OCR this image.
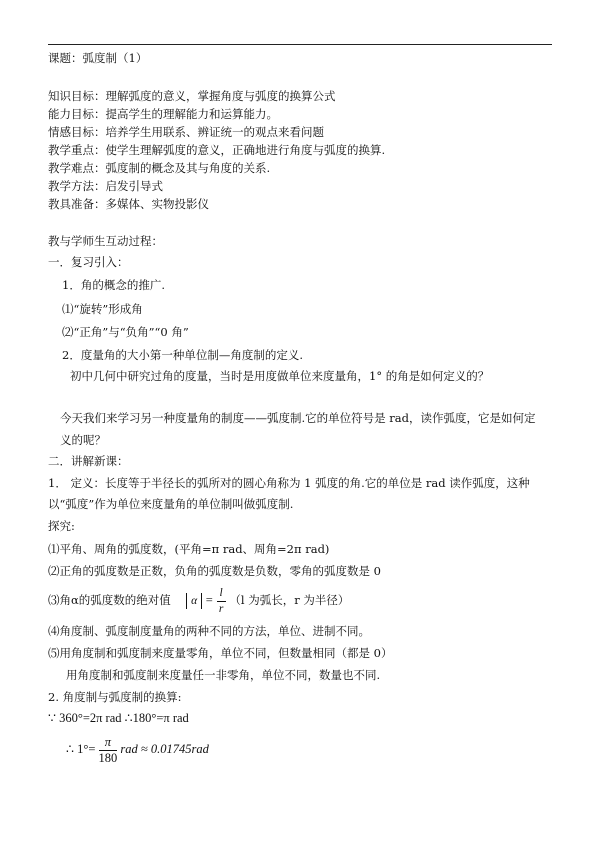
课题：弧度制（1）
知识目标：理解弧度的意义，掌握角度与弧度的换算公式
能力目标：提高学生的理解能力和运算能力。
情感目标：培养学生用联系、辨证统一的观点来看问题
教学重点：使学生理解弧度的意义，正确地进行角度与弧度的换算.
教学难点：弧度制的概念及其与角度的关系.
教学方法：启发引导式
教具准备：多媒体、实物投影仪
教与学师生互动过程：
一．复习引入：
1．角的概念的推广.
⑴“旋转”形成角
⑵“正角”与“负角”“0 角”
2．度量角的大小第一种单位制—角度制的定义.
初中几何中研究过角的度量，当时是用度做单位来度量角，1° 的角是如何定义的？
今天我们来学习另一种度量角的制度——弧度制.它的单位符号是 rad，读作弧度，它是如何定
义的呢？
二．讲解新课：
1． 定义：长度等于半径长的弧所对的圆心角称为 1 弧度的角.它的单位是 rad 读作弧度，这种
以“弧度”作为单位来度量角的单位制叫做弧度制.
探究:
⑴平角、周角的弧度数，(平角=π rad、周角=2π rad)
⑵正角的弧度数是正数，负角的弧度数是负数，零角的弧度数是 0
⑶角α的弧度数的绝对值 $\alpha = \frac{l}{r} (l$ 为弧长，r 为半径）
⑷角度制、弧度制度量角的两种不同的方法，单位、进制不同。
⑸用角度制和弧度制来度量零角，单位不同，但数量相同（都是 0）
用角度制和弧度制来度量任一非零角，单位不同，数量也不同.
2. 角度制与弧度制的换算:
∵ 360°=2π rad ∴180°=π rad
∴ $1^\circ= \frac{\pi}{180}$ rad ≈ 0.01745rad
